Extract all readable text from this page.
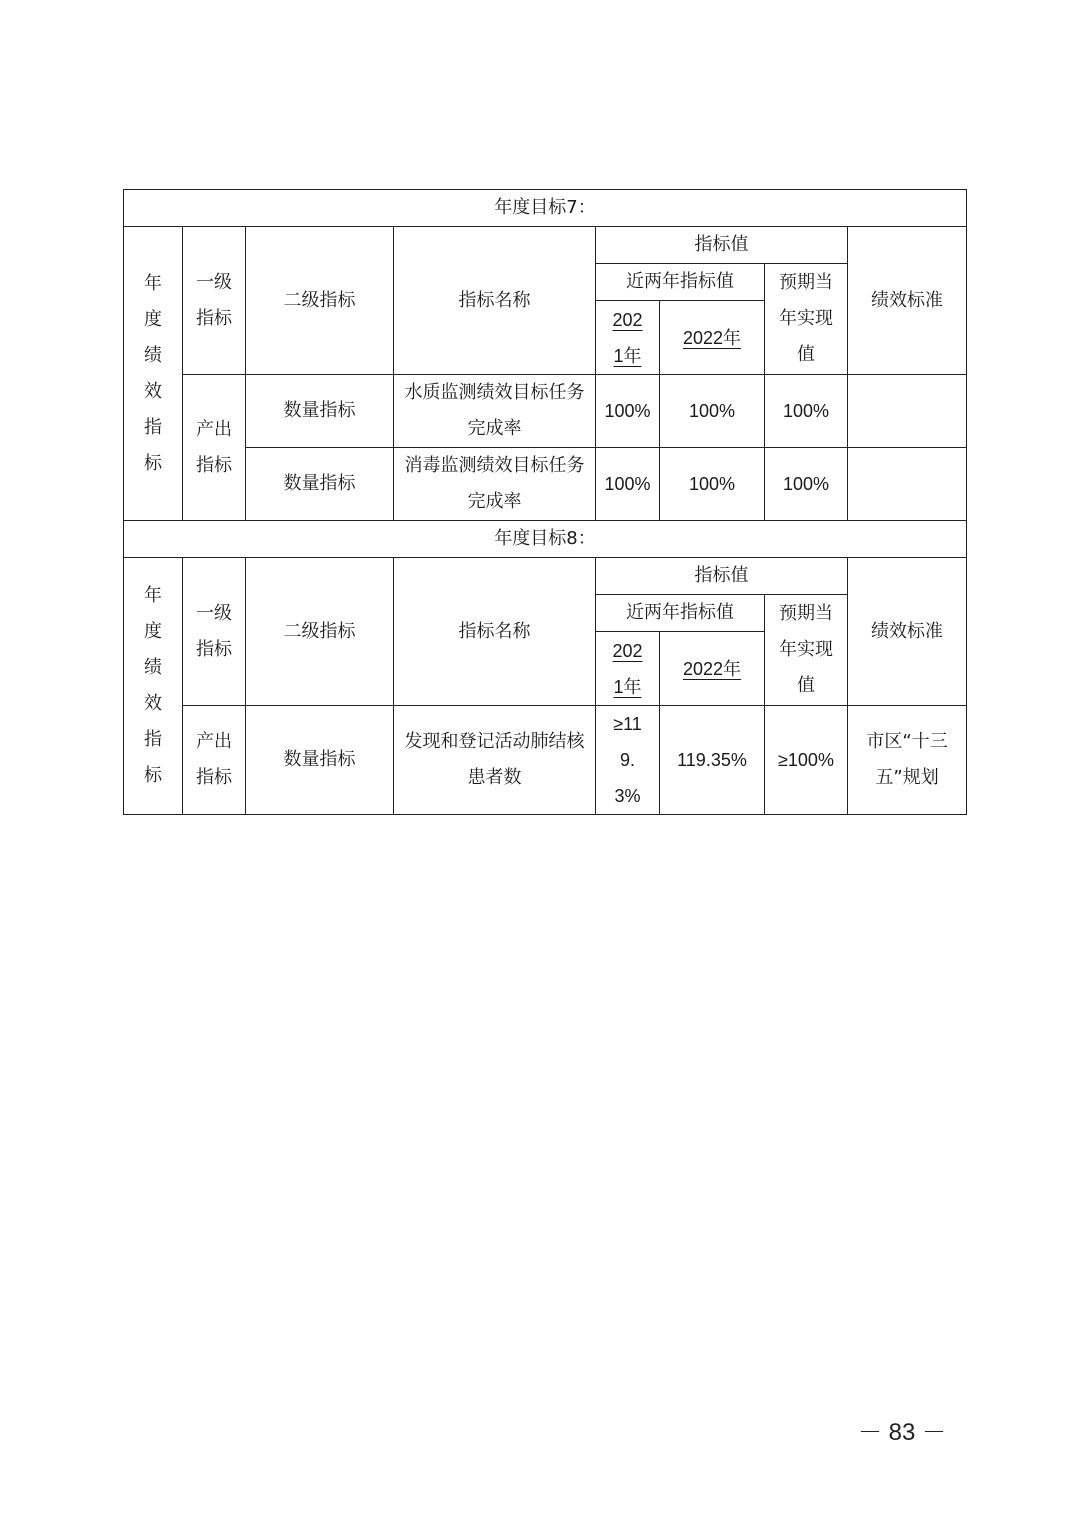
年度目标7：							
年度绩效指标	一级指标	二级指标	指标名称	指标值			绩效标准
				近两年指标值		预期当年实现值	
				2021年	2022年		
	产出指标	数量指标	水质监测绩效目标任务完成率	100%	100%	100%	
		数量指标	消毒监测绩效目标任务完成率	100%	100%	100%	
年度目标8：							
年度绩效指标	一级指标	二级指标	指标名称	指标值			绩效标准
				近两年指标值		预期当年实现值	
				2021年	2022年		
	产出指标	数量指标	发现和登记活动肺结核患者数	≥119.3%	119.35%	≥100%	市区“十三五”规划
－ 83 －
